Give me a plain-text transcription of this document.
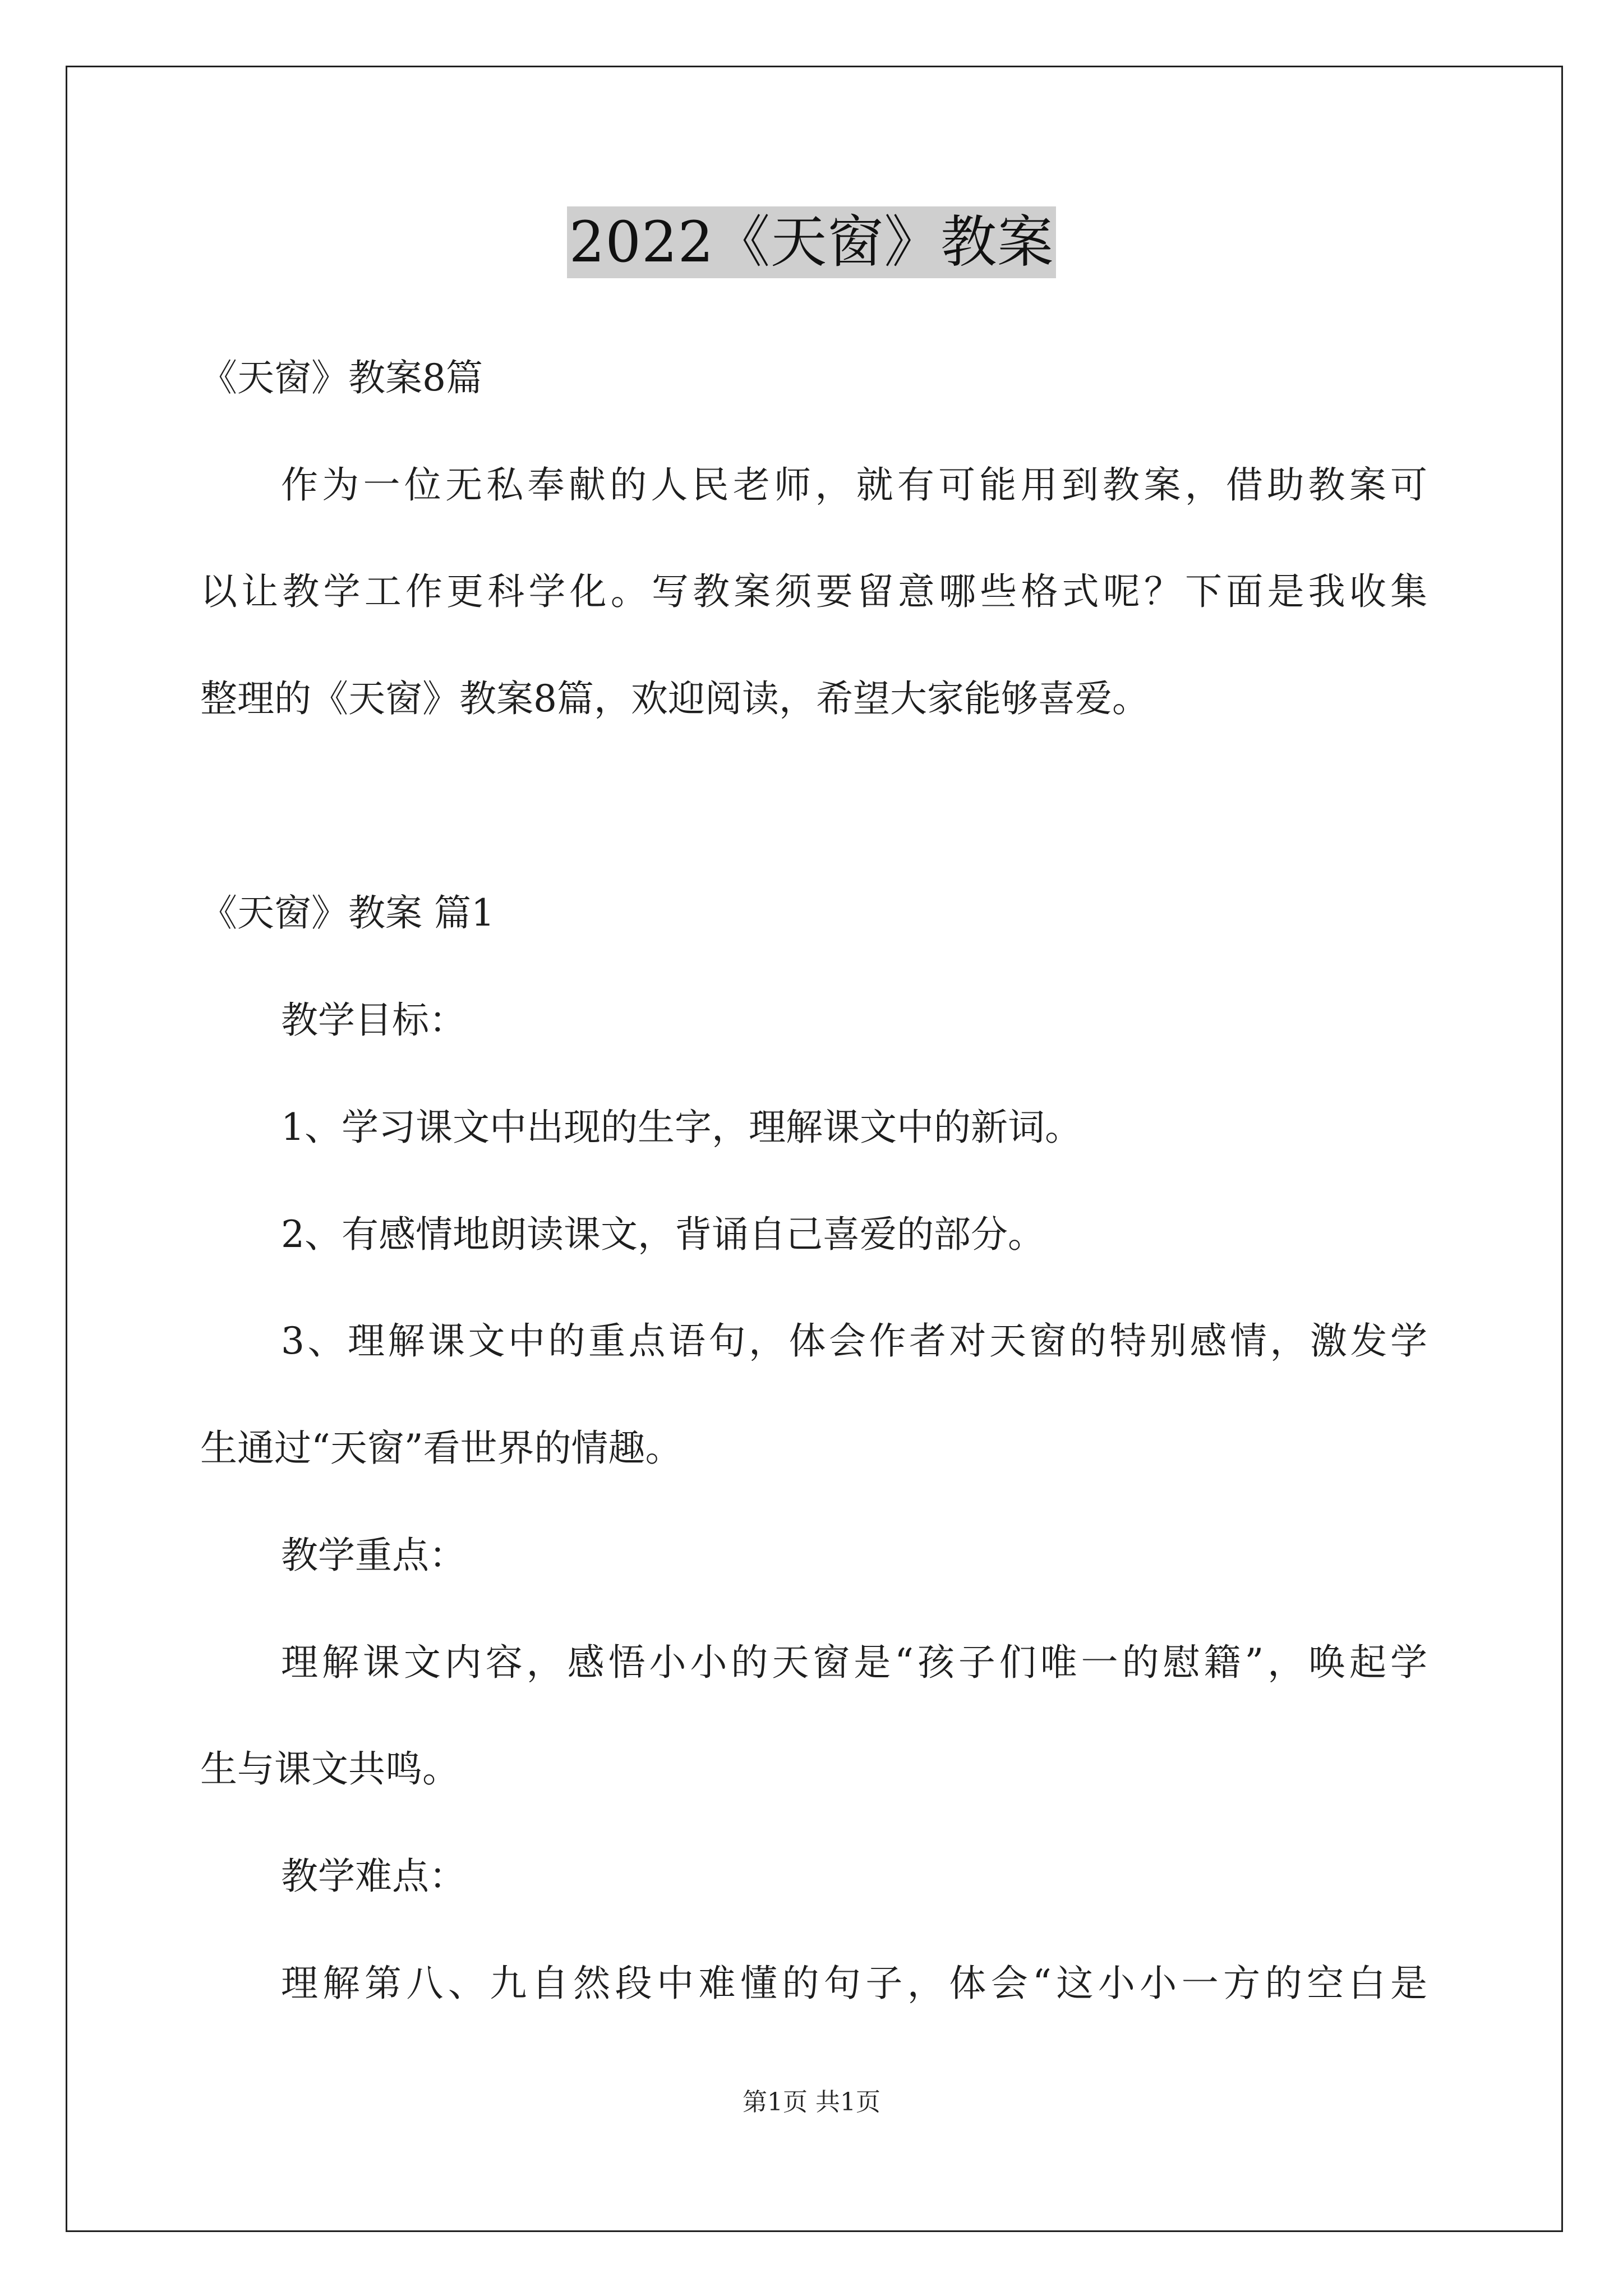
2022《天窗》教案
《天窗》教案8篇
作为一位无私奉献的人民老师，就有可能用到教案，借助教案可
以让教学工作更科学化。写教案须要留意哪些格式呢？下面是我收集
整理的《天窗》教案8篇，欢迎阅读，希望大家能够喜爱。
《天窗》教案 篇1
教学目标：
1、学习课文中出现的生字，理解课文中的新词。
2、有感情地朗读课文，背诵自己喜爱的部分。
3、理解课文中的重点语句，体会作者对天窗的特别感情，激发学
生通过“天窗”看世界的情趣。
教学重点：
理解课文内容，感悟小小的天窗是“孩子们唯一的慰籍”，唤起学
生与课文共鸣。
教学难点：
理解第八、九自然段中难懂的句子，体会“这小小一方的空白是
第1页 共1页
